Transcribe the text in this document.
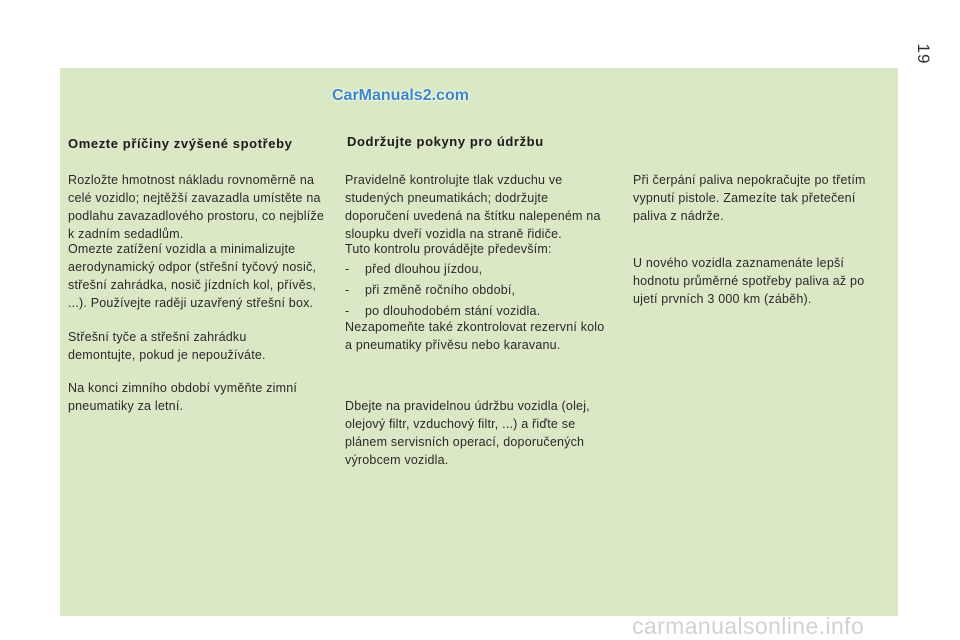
19
CarManuals2.com
Omezte příčiny zvýšené spotřeby

Rozložte hmotnost nákladu rovnoměrně na celé vozidlo; nejtěžší zavazadla umístěte na podlahu zavazadlového prostoru, co nejblíže k zadním sedadlům.

Omezte zatížení vozidla a minimalizujte aerodynamický odpor (střešní tyčový nosič, střešní zahrádka, nosič jízdních kol, přívěs, ...). Používejte raději uzavřený střešní box.

Střešní tyče a střešní zahrádku demontujte, pokud je nepoužíváte.

Na konci zimního období vyměňte zimní pneumatiky za letní.

Dodržujte pokyny pro údržbu

Pravidelně kontrolujte tlak vzduchu ve studených pneumatikách; dodržujte doporučení uvedená na štítku nalepeném na sloupku dveří vozidla na straně řidiče.

Tuto kontrolu provádějte především:

- před dlouhou jízdou,
- při změně ročního období,
- po dlouhodobém stání vozidla.

Nezapomeňte také zkontrolovat rezervní kolo a pneumatiky přívěsu nebo karavanu.

Dbejte na pravidelnou údržbu vozidla (olej, olejový filtr, vzduchový filtr, ...) a řiďte se plánem servisních operací, doporučených výrobcem vozidla.

Při čerpání paliva nepokračujte po třetím vypnutí pistole. Zamezíte tak přetečení paliva z nádrže.

U nového vozidla zaznamenáte lepší hodnotu průměrné spotřeby paliva až po ujetí prvních 3 000 km (záběh).

carmanualsonline.info
